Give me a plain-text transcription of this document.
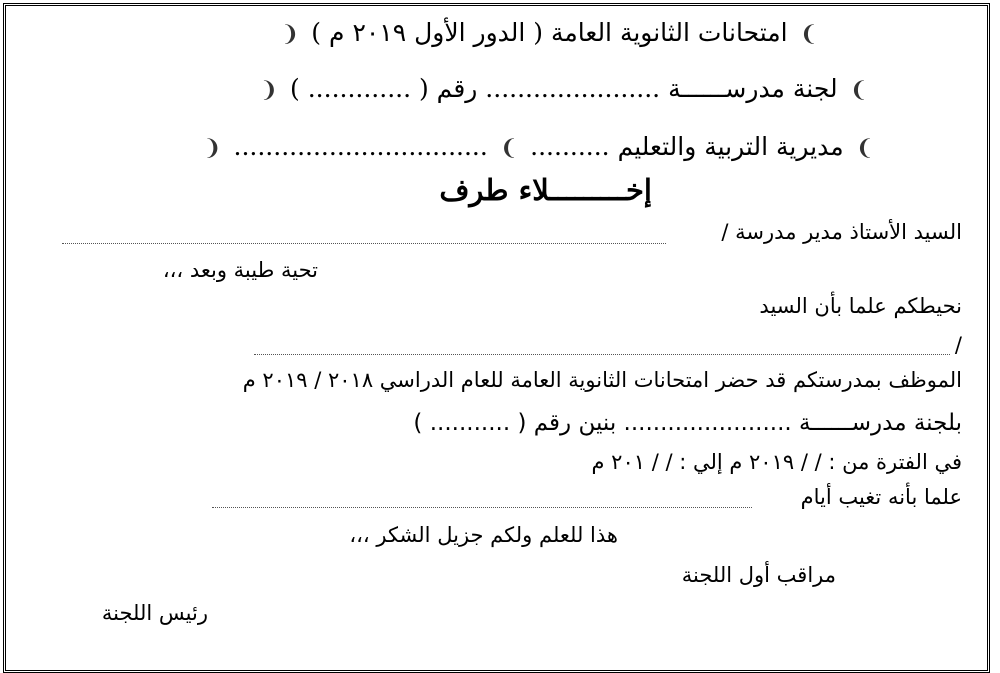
❩ امتحانات الثانوية العامة ( الدور الأول ٢٠١٩ م ) ❨
❩ لجنة مدرســــــة ...................... رقم ( ............. ) ❨
❩ مديرية التربية والتعليم .......... ❩ ................................ ❨
إخـــــــــلاء طرف
السيد الأستاذ مدير مدرسة /
تحية طيبة وبعد ،،،
نحيطكم علما بأن السيد
/
الموظف بمدرستكم قد حضر امتحانات الثانوية العامة للعام الدراسي ٢٠١٨ / ٢٠١٩ م
بلجنة مدرســــــة ....................... بنين رقم ( ........... )
في الفترة من : / / ٢٠١٩ م إلي : / / ٢٠١ م
علما بأنه تغيب أيام
هذا للعلم ولكم جزيل الشكر ،،،
مراقب أول اللجنة
رئيس اللجنة
